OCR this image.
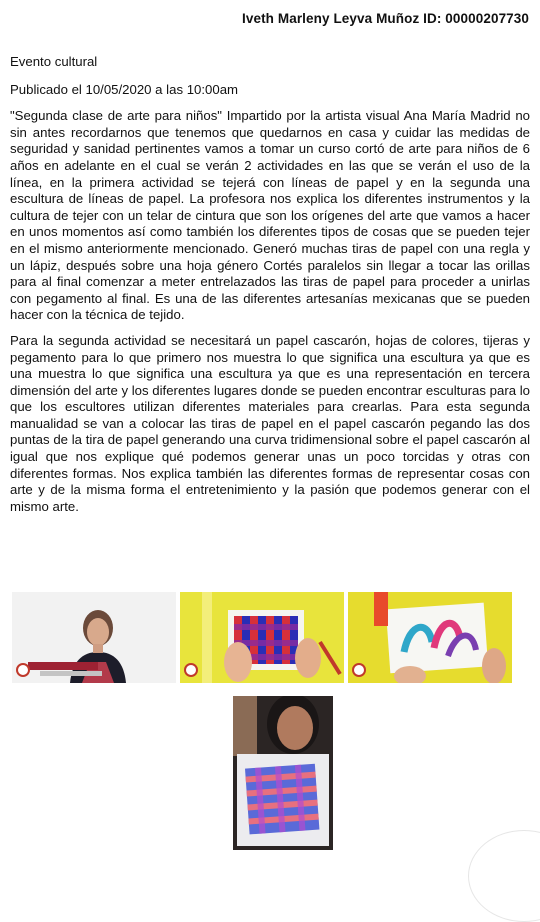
Iveth Marleny Leyva Muñoz ID: 00000207730

Evento cultural

Publicado el 10/05/2020 a las 10:00am

"Segunda clase de arte para niños" Impartido por la artista visual Ana María Madrid no sin antes recordarnos que tenemos que quedarnos en casa y cuidar las medidas de seguridad y sanidad pertinentes vamos a tomar un curso cortó de arte para niños de 6 años en adelante en el cual se verán 2 actividades en las que se verán el uso de la línea, en la primera actividad se tejerá con líneas de papel y en la segunda una escultura de líneas de papel. La profesora nos explica los diferentes instrumentos y la cultura de tejer con un telar de cintura que son los orígenes del arte que vamos a hacer en unos momentos así como también los diferentes tipos de cosas que se pueden tejer en el mismo anteriormente mencionado. Generó muchas tiras de papel con una regla y un lápiz, después sobre una hoja género Cortés paralelos sin llegar a tocar las orillas para al final comenzar a meter entrelazados las tiras de papel para proceder a unirlas con pegamento al final. Es una de las diferentes artesanías mexicanas que se pueden hacer con la técnica de tejido.

Para la segunda actividad se necesitará un papel cascarón, hojas de colores, tijeras y pegamento para lo que primero nos muestra lo que significa una escultura ya que es una muestra lo que significa una escultura ya que es una representación en tercera dimensión del arte y los diferentes lugares donde se pueden encontrar esculturas para lo que los escultores utilizan diferentes materiales para crearlas. Para esta segunda manualidad se van a colocar las tiras de papel en el papel cascarón pegando las dos puntas de la tira de papel generando una curva tridimensional sobre el papel cascarón al igual que nos explique qué podemos generar unas un poco torcidas y otras con diferentes formas. Nos explica también las diferentes formas de representar cosas con arte y de la misma forma el entretenimiento y la pasión que podemos generar con el mismo arte.
